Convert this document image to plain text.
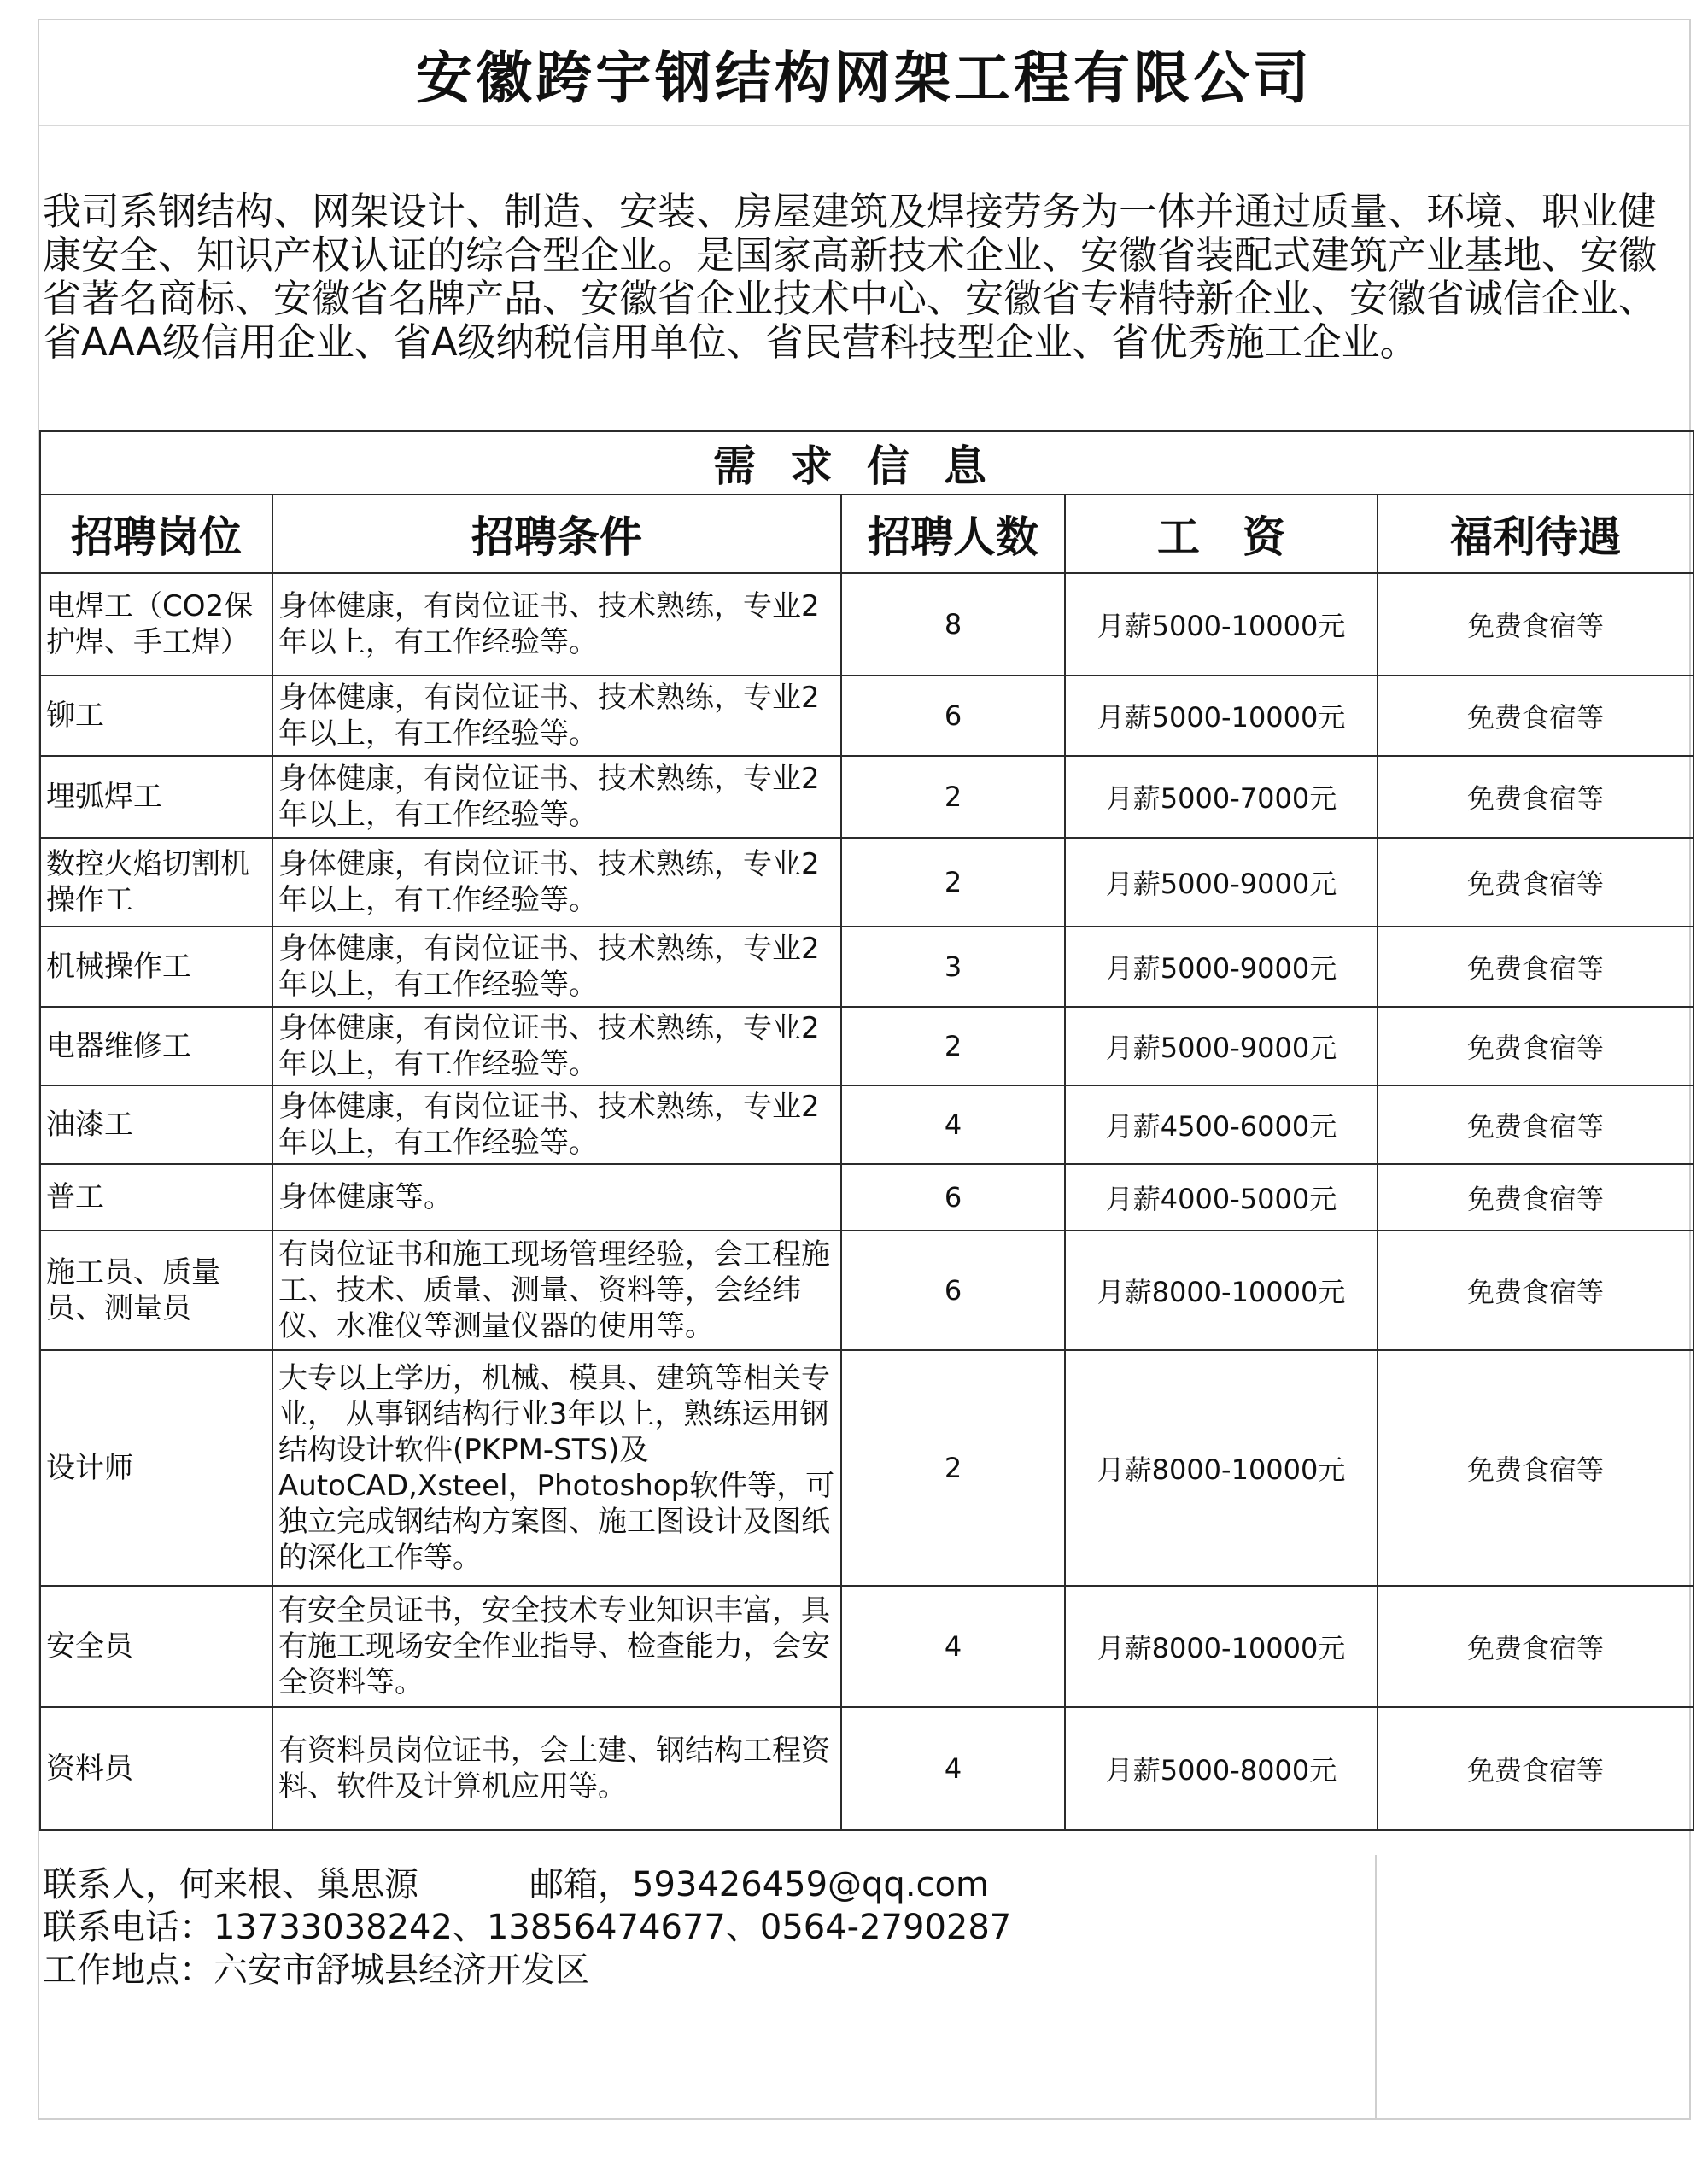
安徽跨宇钢结构网架工程有限公司
我司系钢结构、网架设计、制造、安装、房屋建筑及焊接劳务为一体并通过质量、环境、职业健康安全、知识产权认证的综合型企业。是国家高新技术企业、安徽省装配式建筑产业基地、安徽省著名商标、安徽省名牌产品、安徽省企业技术中心、安徽省专精特新企业、安徽省诚信企业、省AAA级信用企业、省A级纳税信用单位、省民营科技型企业、省优秀施工企业。
需求信息				
招聘岗位	招聘条件	招聘人数	工　资	福利待遇
电焊工（CO2保护焊、手工焊）	身体健康，有岗位证书、技术熟练，专业2年以上，有工作经验等。	8	月薪5000-10000元	免费食宿等
铆工	身体健康，有岗位证书、技术熟练，专业2年以上，有工作经验等。	6	月薪5000-10000元	免费食宿等
埋弧焊工	身体健康，有岗位证书、技术熟练，专业2年以上，有工作经验等。	2	月薪5000-7000元	免费食宿等
数控火焰切割机操作工	身体健康，有岗位证书、技术熟练，专业2年以上，有工作经验等。	2	月薪5000-9000元	免费食宿等
机械操作工	身体健康，有岗位证书、技术熟练，专业2年以上，有工作经验等。	3	月薪5000-9000元	免费食宿等
电器维修工	身体健康，有岗位证书、技术熟练，专业2年以上，有工作经验等。	2	月薪5000-9000元	免费食宿等
油漆工	身体健康，有岗位证书、技术熟练，专业2年以上，有工作经验等。	4	月薪4500-6000元	免费食宿等
普工	身体健康等。	6	月薪4000-5000元	免费食宿等
施工员、质量员、测量员	有岗位证书和施工现场管理经验，会工程施工、技术、质量、测量、资料等，会经纬仪、水准仪等测量仪器的使用等。	6	月薪8000-10000元	免费食宿等
设计师	大专以上学历，机械、模具、建筑等相关专业， 从事钢结构行业3年以上，熟练运用钢结构设计软件(PKPM-STS)及AutoCAD,Xsteel，Photoshop软件等，可独立完成钢结构方案图、施工图设计及图纸的深化工作等。	2	月薪8000-10000元	免费食宿等
安全员	有安全员证书，安全技术专业知识丰富，具有施工现场安全作业指导、检查能力，会安全资料等。	4	月薪8000-10000元	免费食宿等
资料员	有资料员岗位证书，会土建、钢结构工程资料、软件及计算机应用等。	4	月薪5000-8000元	免费食宿等
联系人，何来根、巢思源	邮箱，593426459@qq.com
联系电话：13733038242、13856474677、0564-2790287
工作地点：六安市舒城县经济开发区
